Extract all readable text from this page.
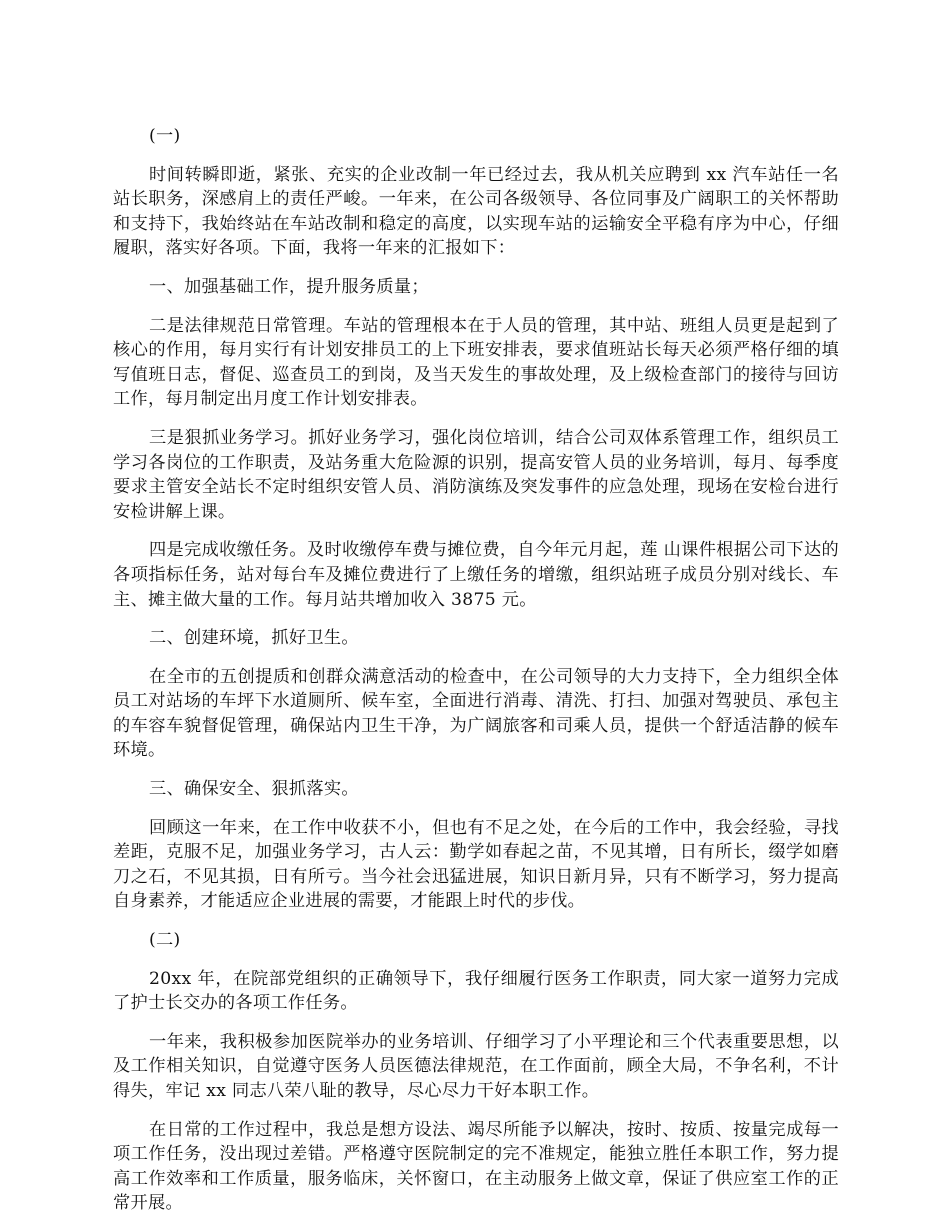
(一)

时间转瞬即逝，紧张、充实的企业改制一年已经过去，我从机关应聘到 xx 汽车站任一名站长职务，深感肩上的责任严峻。一年来，在公司各级领导、各位同事及广阔职工的关怀帮助和支持下，我始终站在车站改制和稳定的高度，以实现车站的运输安全平稳有序为中心，仔细履职，落实好各项。下面，我将一年来的汇报如下：

一、加强基础工作，提升服务质量；

二是法律规范日常管理。车站的管理根本在于人员的管理，其中站、班组人员更是起到了核心的作用，每月实行有计划安排员工的上下班安排表，要求值班站长每天必须严格仔细的填写值班日志，督促、巡查员工的到岗，及当天发生的事故处理，及上级检查部门的接待与回访工作，每月制定出月度工作计划安排表。

三是狠抓业务学习。抓好业务学习，强化岗位培训，结合公司双体系管理工作，组织员工学习各岗位的工作职责，及站务重大危险源的识别，提高安管人员的业务培训，每月、每季度要求主管安全站长不定时组织安管人员、消防演练及突发事件的应急处理，现场在安检台进行安检讲解上课。

四是完成收缴任务。及时收缴停车费与摊位费，自今年元月起，莲 山课件根据公司下达的各项指标任务，站对每台车及摊位费进行了上缴任务的增缴，组织站班子成员分别对线长、车主、摊主做大量的工作。每月站共增加收入 3875 元。

二、创建环境，抓好卫生。

在全市的五创提质和创群众满意活动的检查中，在公司领导的大力支持下，全力组织全体员工对站场的车坪下水道厕所、候车室，全面进行消毒、清洗、打扫、加强对驾驶员、承包主的车容车貌督促管理，确保站内卫生干净，为广阔旅客和司乘人员，提供一个舒适洁静的候车环境。

三、确保安全、狠抓落实。

回顾这一年来，在工作中收获不小，但也有不足之处，在今后的工作中，我会经验，寻找差距，克服不足，加强业务学习，古人云：勤学如春起之苗，不见其增，日有所长，缀学如磨刀之石，不见其损，日有所亏。当今社会迅猛进展，知识日新月异，只有不断学习，努力提高自身素养，才能适应企业进展的需要，才能跟上时代的步伐。

(二)

20xx 年，在院部党组织的正确领导下，我仔细履行医务工作职责，同大家一道努力完成了护士长交办的各项工作任务。

一年来，我积极参加医院举办的业务培训、仔细学习了小平理论和三个代表重要思想，以及工作相关知识，自觉遵守医务人员医德法律规范，在工作面前，顾全大局，不争名利，不计得失，牢记 xx 同志八荣八耻的教导，尽心尽力干好本职工作。

在日常的工作过程中，我总是想方设法、竭尽所能予以解决，按时、按质、按量完成每一项工作任务，没出现过差错。严格遵守医院制定的完不准规定，能独立胜任本职工作，努力提高工作效率和工作质量，服务临床，关怀窗口，在主动服务上做文章，保证了供应室工作的正常开展。
